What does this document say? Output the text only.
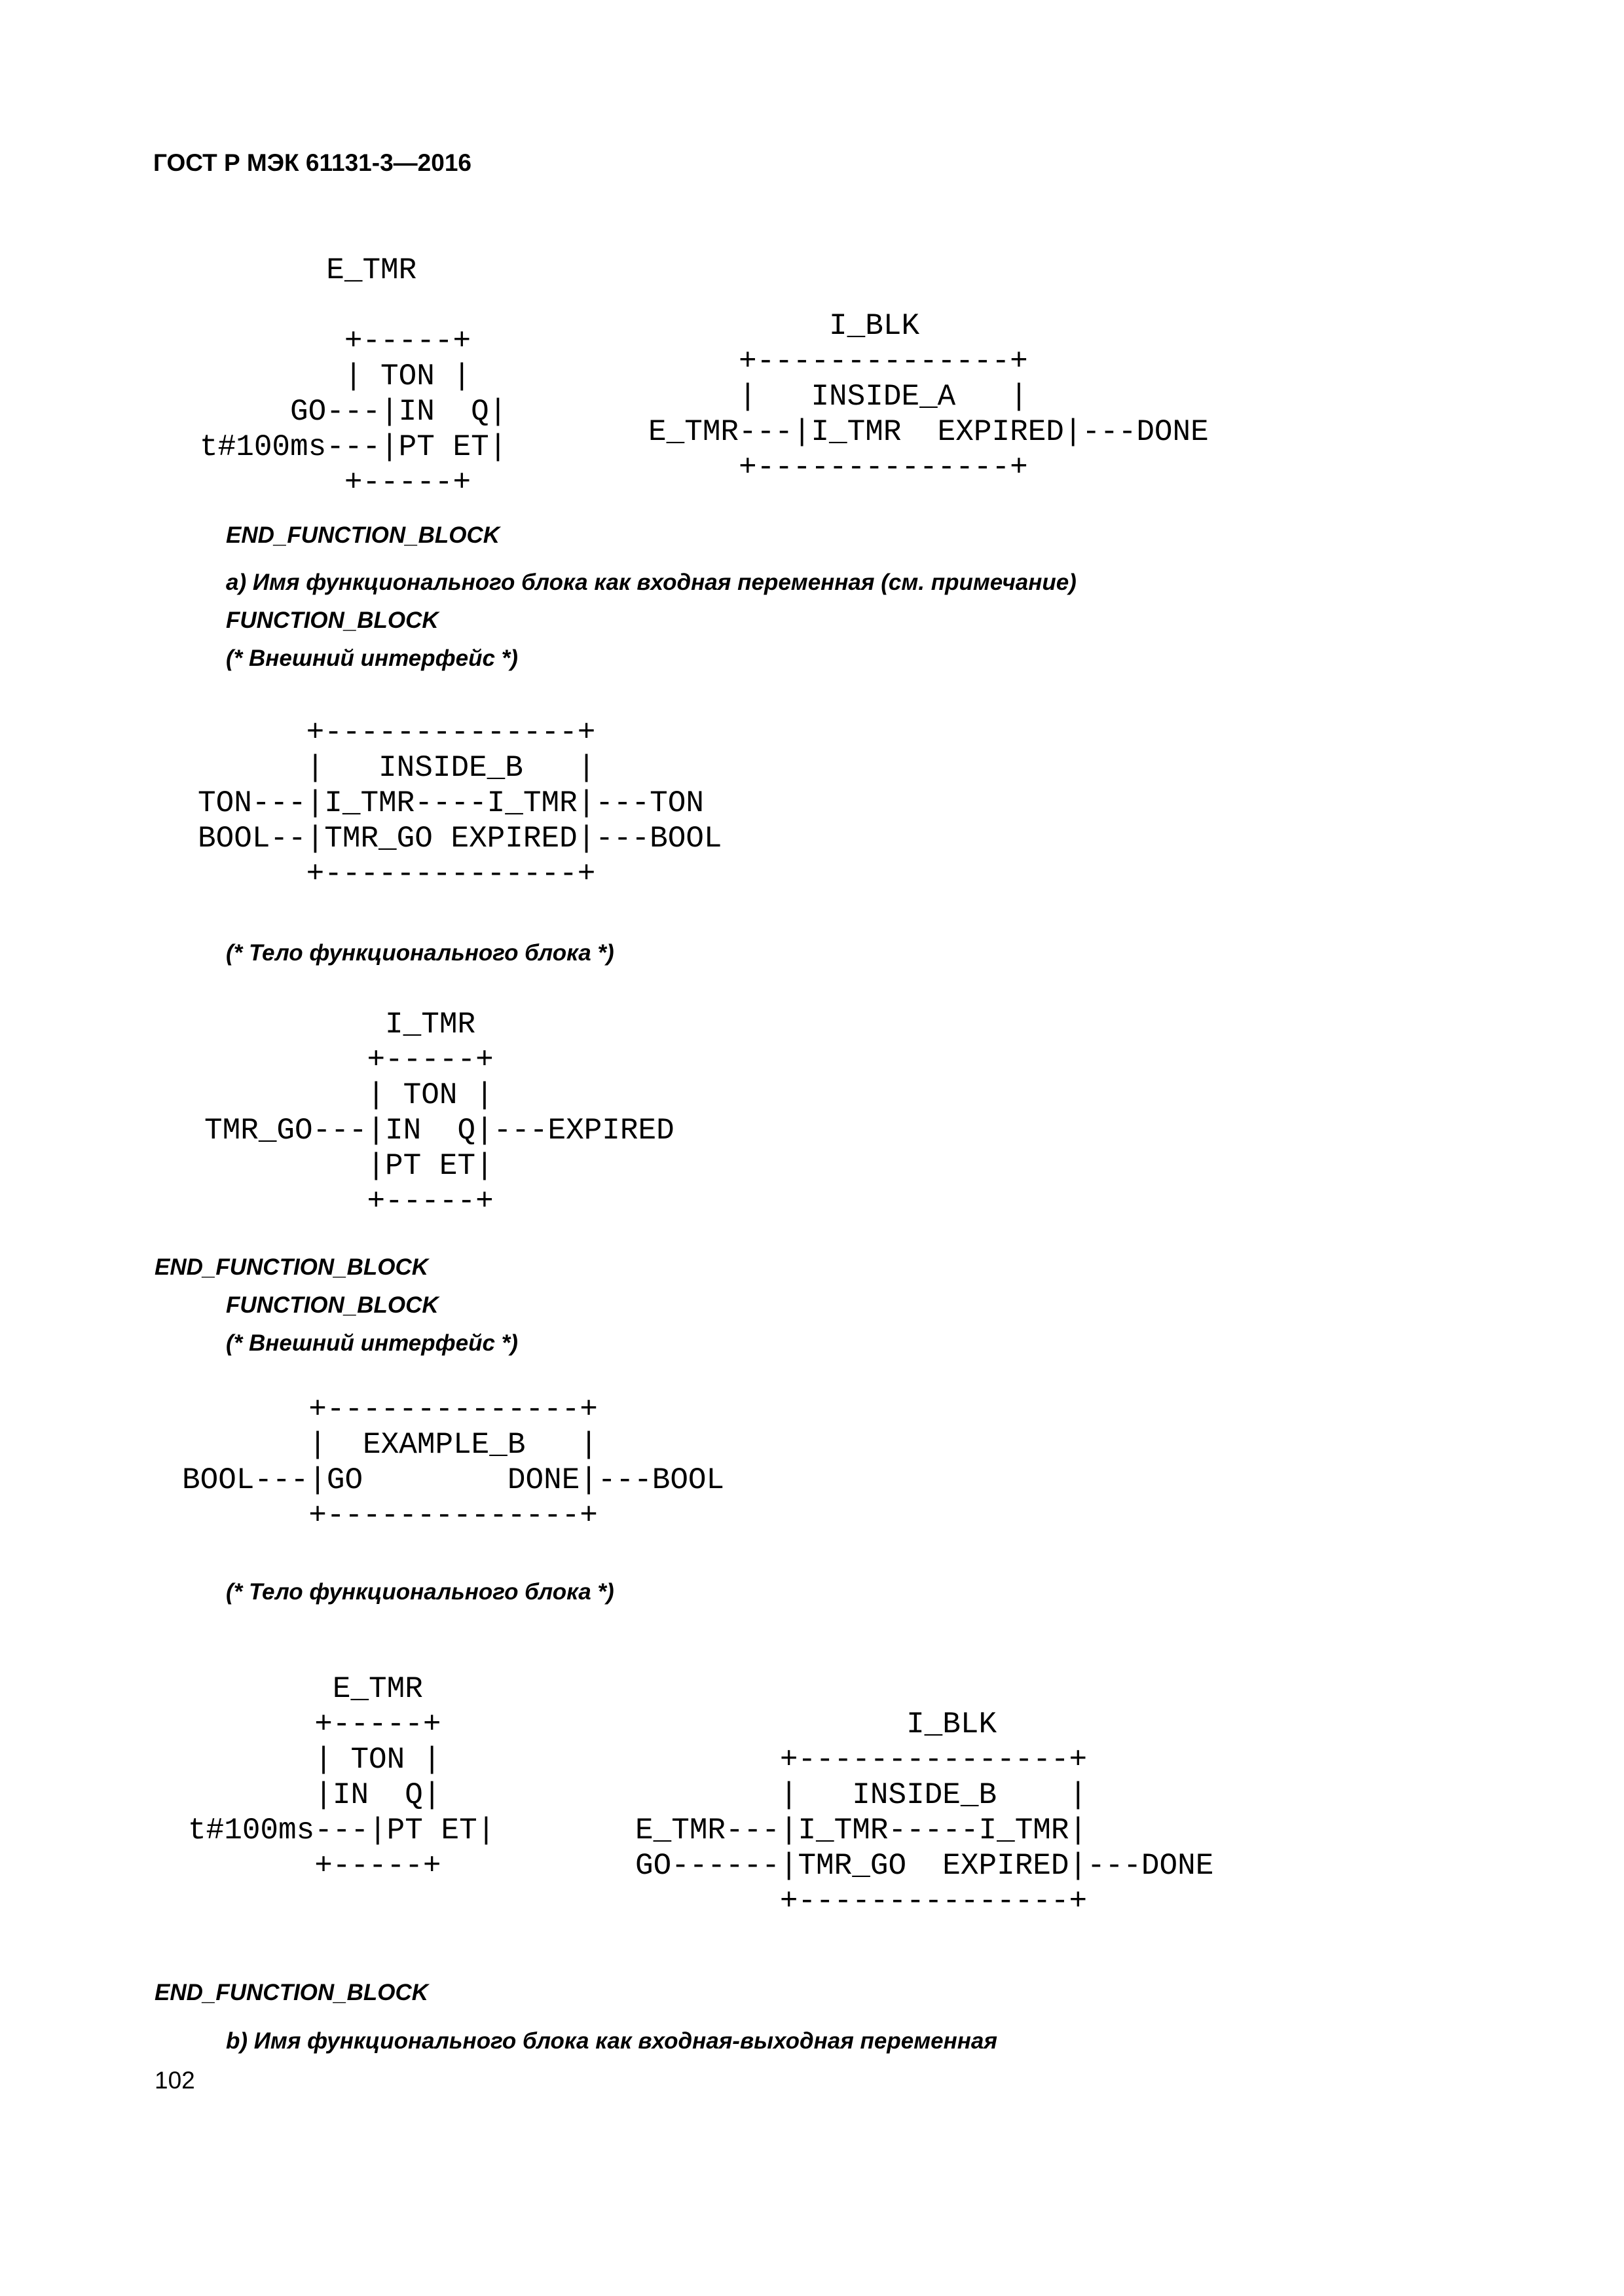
ГОСТ Р МЭК 61131-3—2016
E_TMR

+-----+
| TON |
GO---|IN  Q|
t#100ms---|PT ET|
+-----+
I_BLK
+--------------+
|   INSIDE_A   |
E_TMR---|I_TMR  EXPIRED|---DONE
+--------------+
END_FUNCTION_BLOCK
а) Имя функционального блока как входная переменная (см. примечание)
FUNCTION_BLOCK
(* Внешний интерфейс *)
+--------------+
|   INSIDE_B   |
TON---|I_TMR----I_TMR|---TON
BOOL--|TMR_GO EXPIRED|---BOOL
+--------------+
(* Тело функционального блока *)
I_TMR
+-----+
| TON |
TMR_GO---|IN  Q|---EXPIRED
|PT ET|
+-----+
END_FUNCTION_BLOCK
FUNCTION_BLOCK
(* Внешний интерфейс *)
+--------------+
|  EXAMPLE_B   |
BOOL---|GO        DONE|---BOOL
+--------------+
(* Тело функционального блока *)
E_TMR
+-----+
| TON |
|IN  Q|
t#100ms---|PT ET|
+-----+
I_BLK
+---------------+
|   INSIDE_B    |
E_TMR---|I_TMR-----I_TMR|
GO------|TMR_GO  EXPIRED|---DONE
+---------------+
END_FUNCTION_BLOCK
b) Имя функционального блока как входная-выходная переменная
102
